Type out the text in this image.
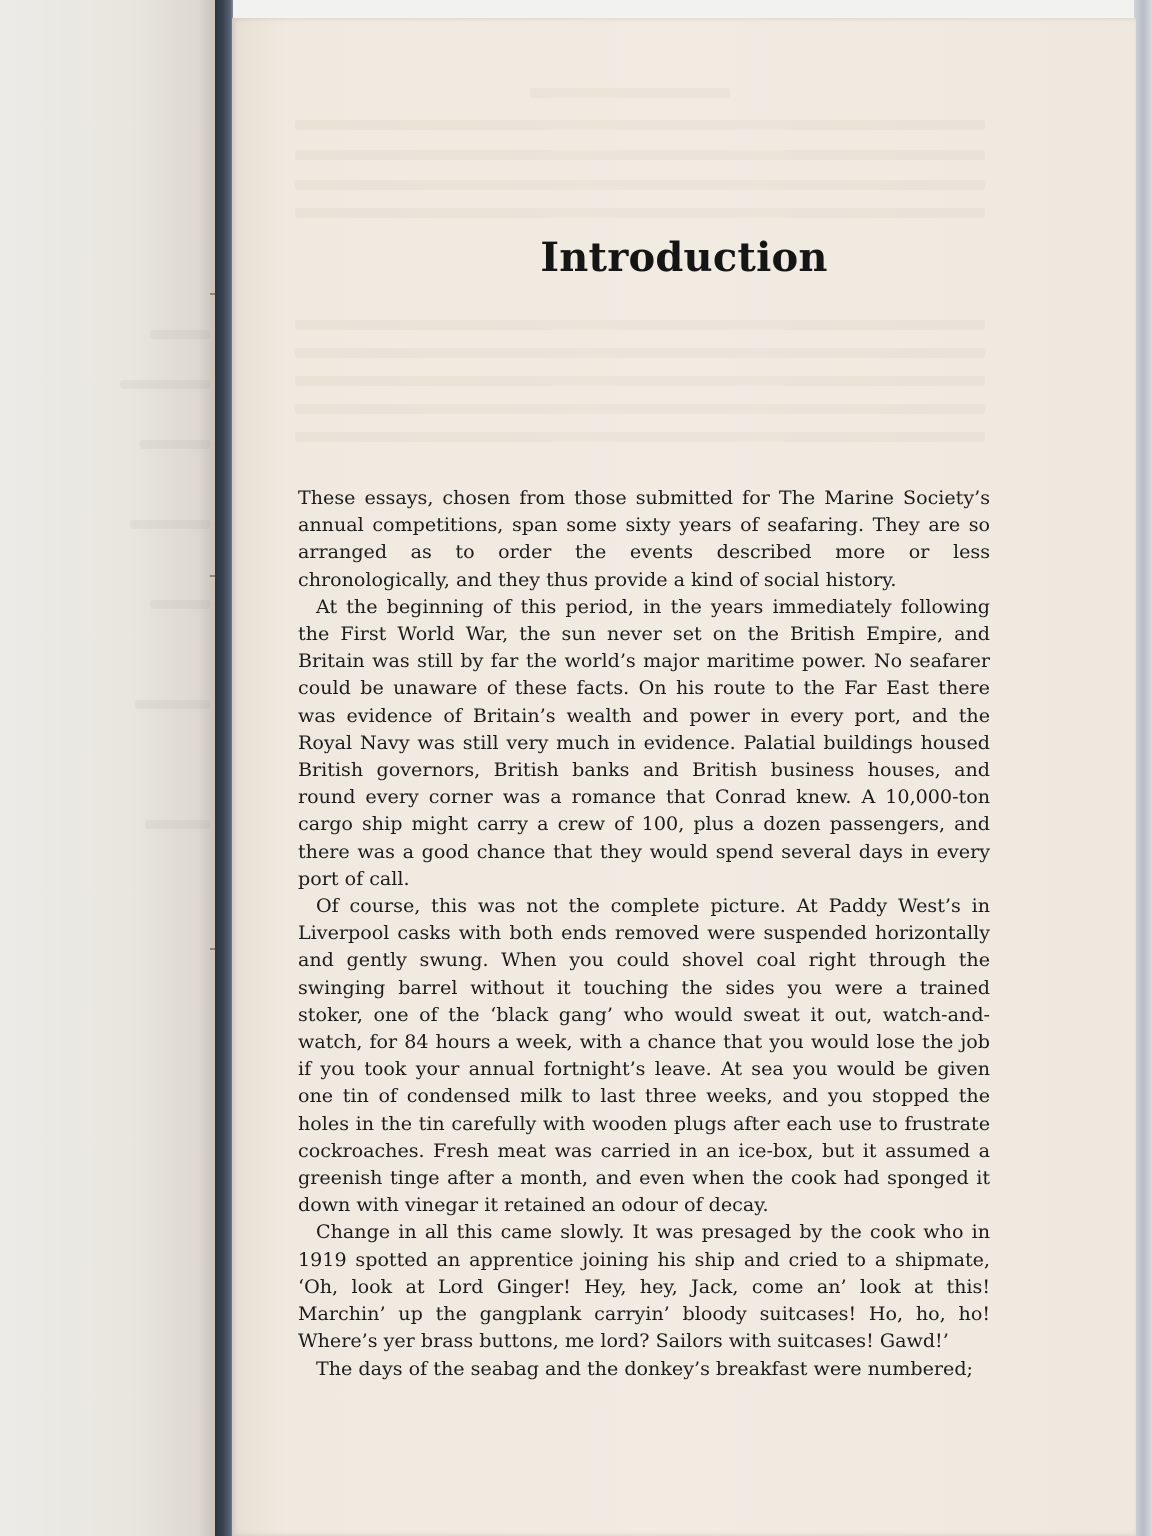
Introduction

These essays, chosen from those submitted for The Marine Society’s annual competitions, span some sixty years of seafaring. They are so arranged as to order the events described more or less chronologically, and they thus provide a kind of social history.

At the beginning of this period, in the years immediately following the First World War, the sun never set on the British Empire, and Britain was still by far the world’s major maritime power. No seafarer could be unaware of these facts. On his route to the Far East there was evidence of Britain’s wealth and power in every port, and the Royal Navy was still very much in evidence. Palatial buildings housed British governors, British banks and British business houses, and round every corner was a romance that Conrad knew. A 10,000-ton cargo ship might carry a crew of 100, plus a dozen passengers, and there was a good chance that they would spend several days in every port of call.

Of course, this was not the complete picture. At Paddy West’s in Liverpool casks with both ends removed were suspended horizontally and gently swung. When you could shovel coal right through the swinging barrel without it touching the sides you were a trained stoker, one of the ‘black gang’ who would sweat it out, watch-and-watch, for 84 hours a week, with a chance that you would lose the job if you took your annual fortnight’s leave. At sea you would be given one tin of condensed milk to last three weeks, and you stopped the holes in the tin carefully with wooden plugs after each use to frustrate cockroaches. Fresh meat was carried in an ice-box, but it assumed a greenish tinge after a month, and even when the cook had sponged it down with vinegar it retained an odour of decay.

Change in all this came slowly. It was presaged by the cook who in 1919 spotted an apprentice joining his ship and cried to a shipmate, ‘Oh, look at Lord Ginger! Hey, hey, Jack, come an’ look at this! Marchin’ up the gangplank carryin’ bloody suitcases! Ho, ho, ho! Where’s yer brass buttons, me lord? Sailors with suitcases! Gawd!’

The days of the seabag and the donkey’s breakfast were numbered;
